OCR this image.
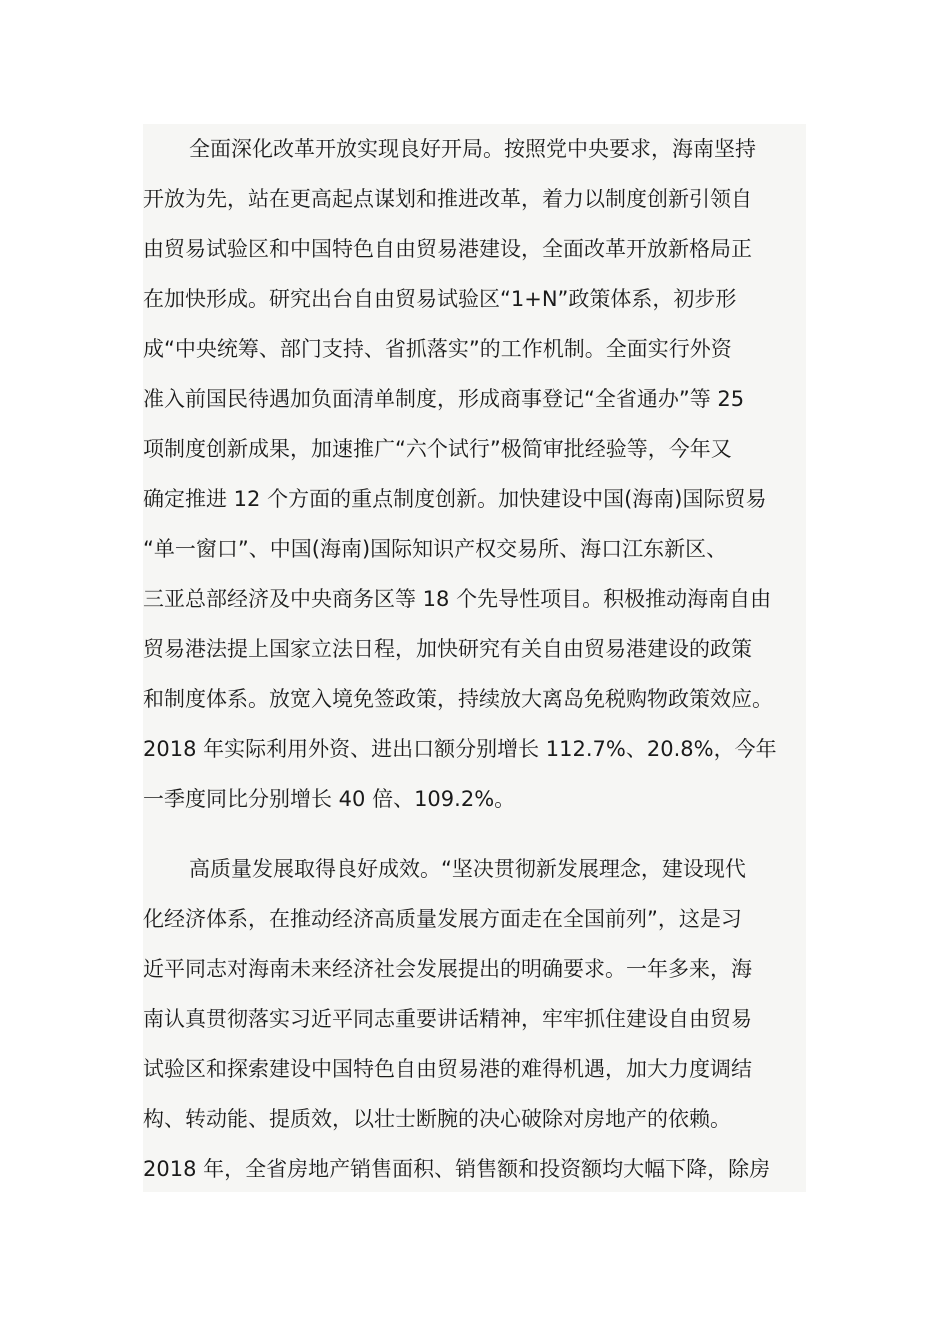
全面深化改革开放实现良好开局。按照党中央要求，海南坚持
开放为先，站在更高起点谋划和推进改革，着力以制度创新引领自
由贸易试验区和中国特色自由贸易港建设，全面改革开放新格局正
在加快形成。研究出台自由贸易试验区“1+N”政策体系，初步形
成“中央统筹、部门支持、省抓落实”的工作机制。全面实行外资
准入前国民待遇加负面清单制度，形成商事登记“全省通办”等 25
项制度创新成果，加速推广“六个试行”极简审批经验等，今年又
确定推进 12 个方面的重点制度创新。加快建设中国(海南)国际贸易
“单一窗口”、中国(海南)国际知识产权交易所、海口江东新区、
三亚总部经济及中央商务区等 18 个先导性项目。积极推动海南自由
贸易港法提上国家立法日程，加快研究有关自由贸易港建设的政策
和制度体系。放宽入境免签政策，持续放大离岛免税购物政策效应。
2018 年实际利用外资、进出口额分别增长 112.7%、20.8%，今年
一季度同比分别增长 40 倍、109.2%。
高质量发展取得良好成效。“坚决贯彻新发展理念，建设现代
化经济体系，在推动经济高质量发展方面走在全国前列”，这是习
近平同志对海南未来经济社会发展提出的明确要求。一年多来，海
南认真贯彻落实习近平同志重要讲话精神，牢牢抓住建设自由贸易
试验区和探索建设中国特色自由贸易港的难得机遇，加大力度调结
构、转动能、提质效，以壮士断腕的决心破除对房地产的依赖。
2018 年，全省房地产销售面积、销售额和投资额均大幅下降，除房
